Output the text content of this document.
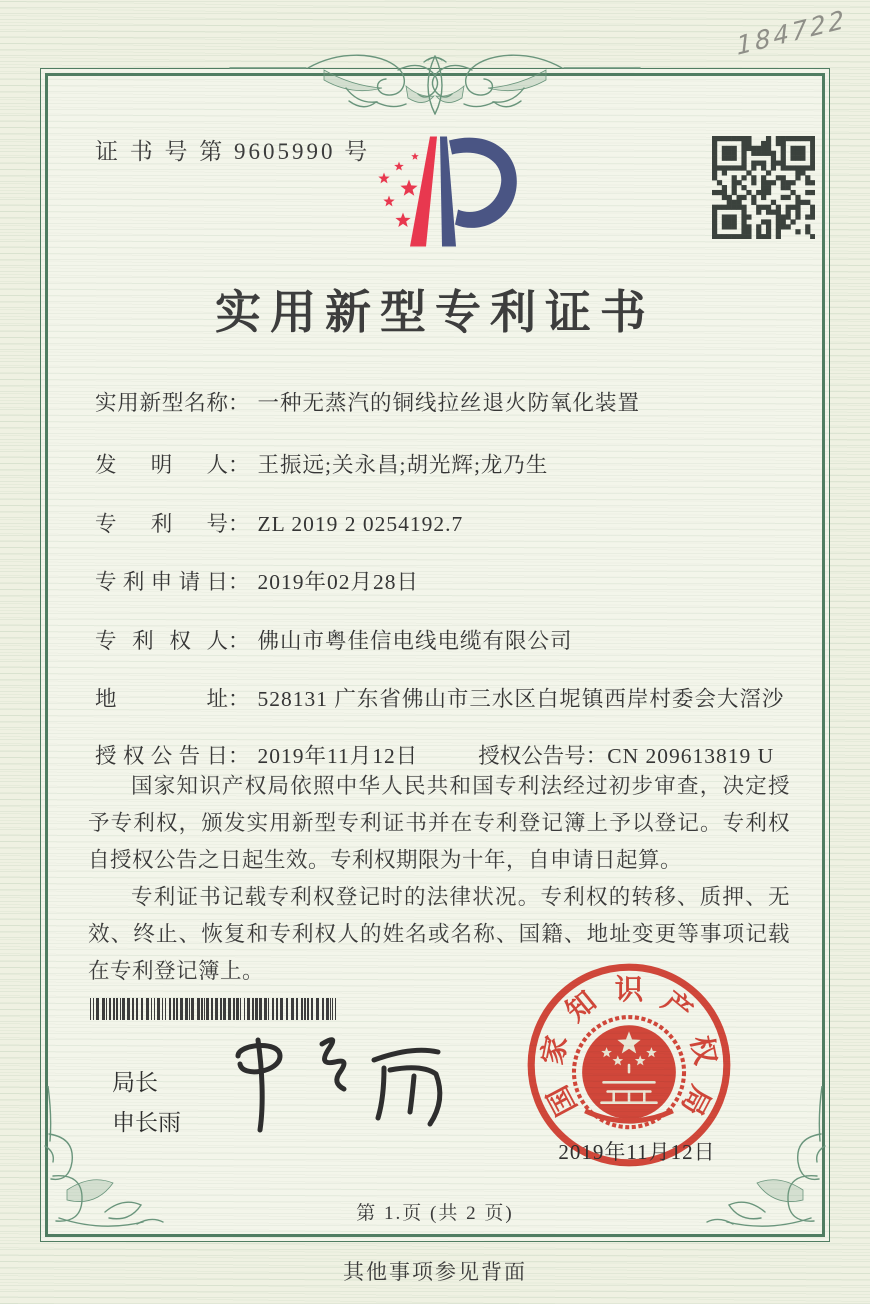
184722
证 书 号 第 9605990 号
实用新型专利证书
实用新型名称： 一种无蒸汽的铜线拉丝退火防氧化装置
发明人： 王振远;关永昌;胡光辉;龙乃生
专利号： ZL 2019 2 0254192.7
专利申请日： 2019年02月28日
专利权人： 佛山市粤佳信电线电缆有限公司
地址： 528131 广东省佛山市三水区白坭镇西岸村委会大滘沙
授权公告日： 2019年11月12日	授权公告号：CN 209613819 U

国家知识产权局依照中华人民共和国专利法经过初步审查，决定授予专利权，颁发实用新型专利证书并在专利登记簿上予以登记。专利权自授权公告之日起生效。专利权期限为十年，自申请日起算。

专利证书记载专利权登记时的法律状况。专利权的转移、质押、无效、终止、恢复和专利权人的姓名或名称、国籍、地址变更等事项记载在专利登记簿上。

局长
申长雨
国
家
知 识 产
权
局
2019年11月12日
第 1.页 (共 2 页)
其他事项参见背面
